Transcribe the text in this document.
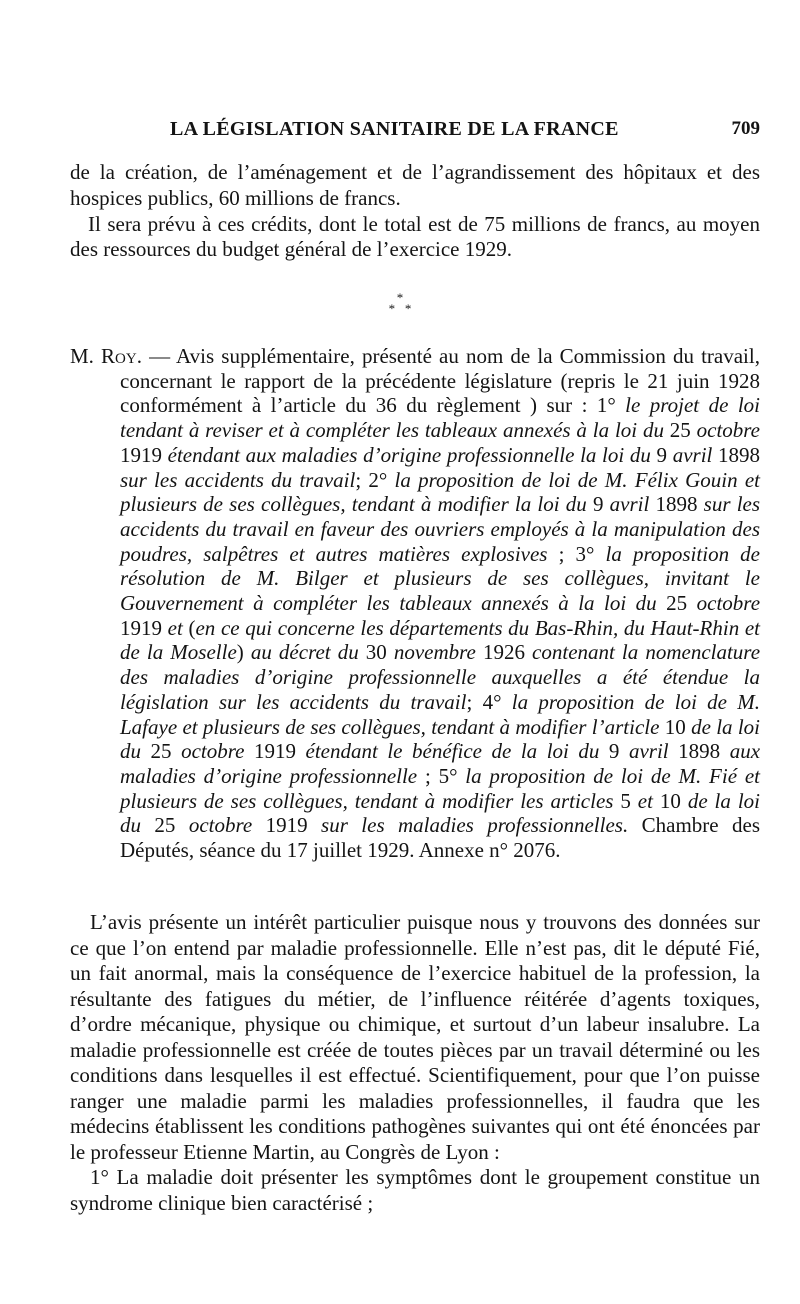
LA LÉGISLATION SANITAIRE DE LA FRANCE	709

de la création, de l’aménagement et de l’agrandissement des hôpitaux et des hospices publics, 60 millions de francs.

Il sera prévu à ces crédits, dont le total est de 75 millions de francs, au moyen des ressources du budget général de l’exercice 1929.

*
*   *

M. Roy. — Avis supplémentaire, présenté au nom de la Commission du travail, concernant le rapport de la précédente législature (repris le 21 juin 1928 conformément à l’article du 36 du règlement ) sur : 1° le projet de loi tendant à reviser et à compléter les tableaux annexés à la loi du 25 octobre 1919 étendant aux maladies d’origine professionnelle la loi du 9 avril 1898 sur les accidents du travail; 2° la proposition de loi de M. Félix Gouin et plusieurs de ses collègues, tendant à modifier la loi du 9 avril 1898 sur les accidents du travail en faveur des ouvriers employés à la manipulation des poudres, salpêtres et autres matières explosives ; 3° la proposition de résolution de M. Bilger et plusieurs de ses collègues, invitant le Gouvernement à compléter les tableaux annexés à la loi du 25 octobre 1919 et (en ce qui concerne les départements du Bas-Rhin, du Haut-Rhin et de la Moselle) au décret du 30 novembre 1926 contenant la nomenclature des maladies d’origine professionnelle auxquelles a été étendue la législation sur les accidents du travail; 4° la proposition de loi de M. Lafaye et plusieurs de ses collègues, tendant à modifier l’article 10 de la loi du 25 octobre 1919 étendant le bénéfice de la loi du 9 avril 1898 aux maladies d’origine professionnelle ; 5° la proposition de loi de M. Fié et plusieurs de ses collègues, tendant à modifier les articles 5 et 10 de la loi du 25 octobre 1919 sur les maladies professionnelles. Chambre des Députés, séance du 17 juillet 1929. Annexe n° 2076.

L’avis présente un intérêt particulier puisque nous y trouvons des données sur ce que l’on entend par maladie professionnelle. Elle n’est pas, dit le député Fié, un fait anormal, mais la conséquence de l’exercice habituel de la profession, la résultante des fatigues du métier, de l’influence réitérée d’agents toxiques, d’ordre mécanique, physique ou chimique, et surtout d’un labeur insalubre. La maladie professionnelle est créée de toutes pièces par un travail déterminé ou les conditions dans lesquelles il est effectué. Scientifiquement, pour que l’on puisse ranger une maladie parmi les maladies professionnelles, il faudra que les médecins établissent les conditions pathogènes suivantes qui ont été énoncées par le professeur Etienne Martin, au Congrès de Lyon :

1° La maladie doit présenter les symptômes dont le groupement constitue un syndrome clinique bien caractérisé ;
